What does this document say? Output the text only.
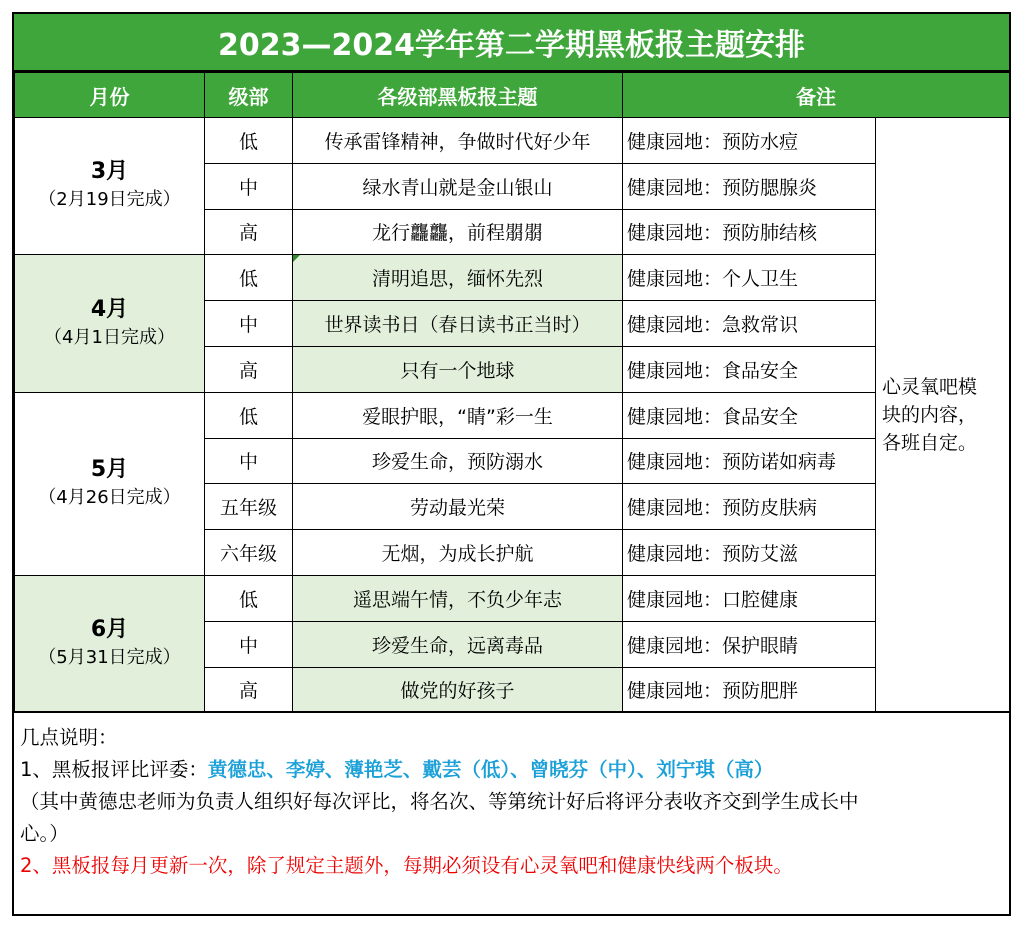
2023—2024学年第二学期黑板报主题安排
月份	级部	各级部黑板报主题	备注	

3月
（2月19日完成）	低	传承雷锋精神，争做时代好少年	健康园地：预防水痘	心灵氧吧模
块的内容，
各班自定。
	中	绿水青山就是金山银山	健康园地：预防腮腺炎	
	高	龙行龘龘，前程朤朤	健康园地：预防肺结核	

4月
（4月1日完成）	低	清明追思，缅怀先烈	健康园地：个人卫生	
	中	世界读书日（春日读书正当时）	健康园地：急救常识	
	高	只有一个地球	健康园地：食品安全	

5月
（4月26日完成）	低	爱眼护眼，“睛”彩一生	健康园地：食品安全	
	中	珍爱生命，预防溺水	健康园地：预防诺如病毒	
	五年级	劳动最光荣	健康园地：预防皮肤病	
	六年级	无烟，为成长护航	健康园地：预防艾滋	

6月
（5月31日完成）	低	遥思端午情，不负少年志	健康园地：口腔健康	
	中	珍爱生命，远离毒品	健康园地：保护眼睛	
	高	做党的好孩子	健康园地：预防肥胖	
几点说明：
1、黑板报评比评委：黄德忠、李婷、薄艳芝、戴芸（低）、曾晓芬（中）、刘宁琪（高）
（其中黄德忠老师为负责人组织好每次评比，将名次、等第统计好后将评分表收齐交到学生成长中
心。）
2、黑板报每月更新一次，除了规定主题外，每期必须设有心灵氧吧和健康快线两个板块。
